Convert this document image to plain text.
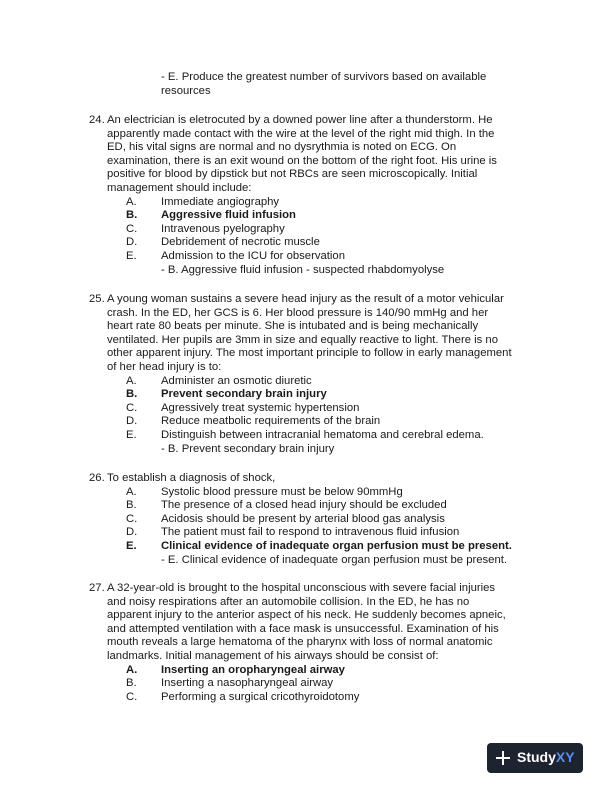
- E. Produce the greatest number of survivors based on available
resources
24. An electrician is eletrocuted by a downed power line after a thunderstorm. He
apparently made contact with the wire at the level of the right mid thigh. In the
ED, his vital signs are normal and no dysrythmia is noted on ECG. On
examination, there is an exit wound on the bottom of the right foot. His urine is
positive for blood by dipstick but not RBCs are seen microscopically. Initial
management should include:
A. Immediate angiography
B. Aggressive fluid infusion
C. Intravenous pyelography
D. Debridement of necrotic muscle
E. Admission to the ICU for observation
- B. Aggressive fluid infusion - suspected rhabdomyolyse
25. A young woman sustains a severe head injury as the result of a motor vehicular
crash. In the ED, her GCS is 6. Her blood pressure is 140/90 mmHg and her
heart rate 80 beats per minute. She is intubated and is being mechanically
ventilated. Her pupils are 3mm in size and equally reactive to light. There is no
other apparent injury. The most important principle to follow in early management
of her head injury is to:
A. Administer an osmotic diuretic
B. Prevent secondary brain injury
C. Agressively treat systemic hypertension
D. Reduce meatbolic requirements of the brain
E. Distinguish between intracranial hematoma and cerebral edema.
- B. Prevent secondary brain injury
26. To establish a diagnosis of shock,
A. Systolic blood pressure must be below 90mmHg
B. The presence of a closed head injury should be excluded
C. Acidosis should be present by arterial blood gas analysis
D. The patient must fail to respond to intravenous fluid infusion
E. Clinical evidence of inadequate organ perfusion must be present.
- E. Clinical evidence of inadequate organ perfusion must be present.
27. A 32-year-old is brought to the hospital unconscious with severe facial injuries
and noisy respirations after an automobile collision. In the ED, he has no
apparent injury to the anterior aspect of his neck. He suddenly becomes apneic,
and attempted ventilation with a face mask is unsuccessful. Examination of his
mouth reveals a large hematoma of the pharynx with loss of normal anatomic
landmarks. Initial management of his airways should be consist of:
A. Inserting an oropharyngeal airway
B. Inserting a nasopharyngeal airway
C. Performing a surgical cricothyroidotomy
Study XY
